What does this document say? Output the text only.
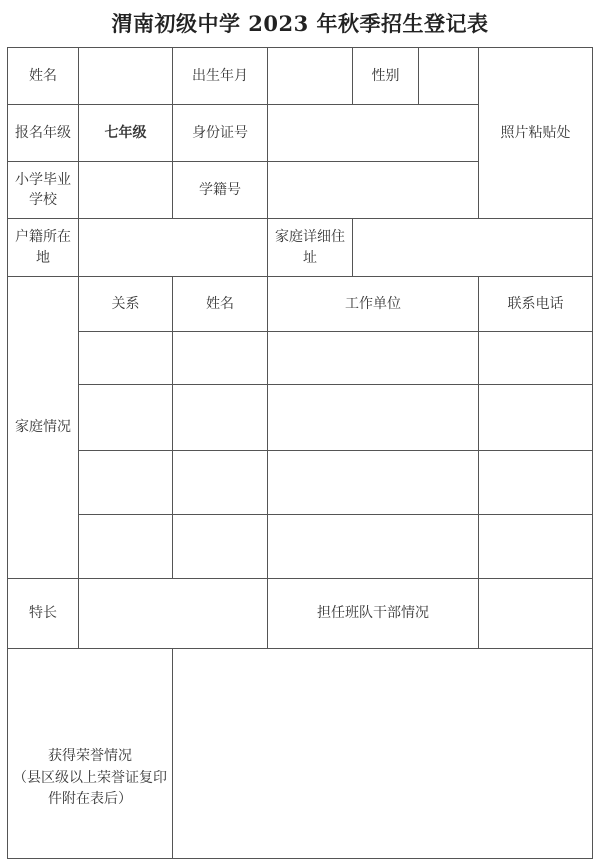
渭南初级中学 2023 年秋季招生登记表
姓名		出生年月		性别		照片粘贴处
报名年级	七年级	身份证号				
小学毕业学校		学籍号				
户籍所在地			家庭详细住址			
家庭情况	关系	姓名	工作单位			联系电话

特长			担任班队干部情况			

获得荣誉情况
（县区级以上荣誉证复印件附在表后）						
